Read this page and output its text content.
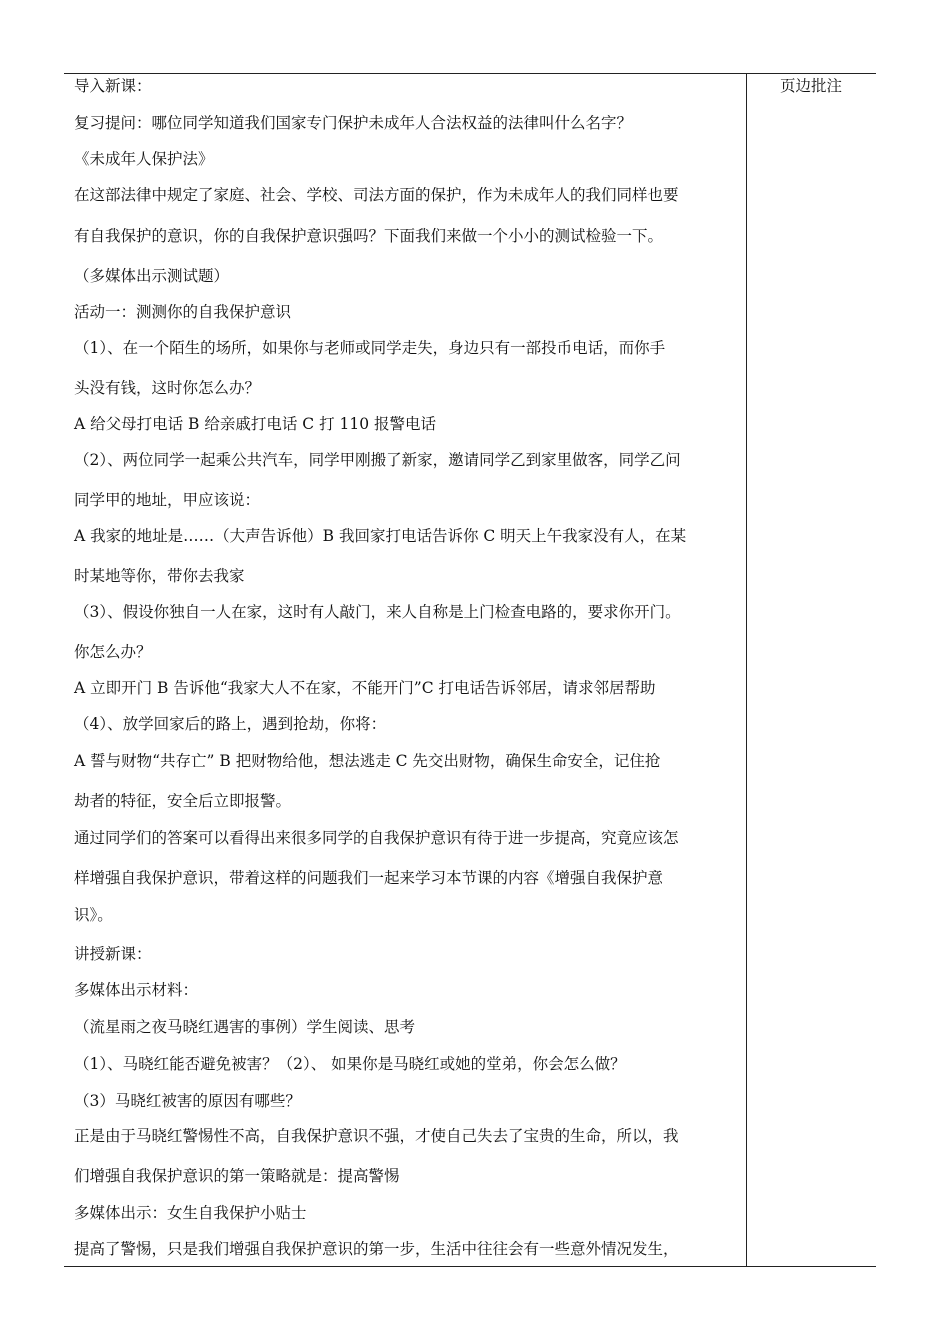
导入新课：
复习提问：哪位同学知道我们国家专门保护未成年人合法权益的法律叫什么名字？
《未成年人保护法》
在这部法律中规定了家庭、社会、学校、司法方面的保护，作为未成年人的我们同样也要
有自我保护的意识，你的自我保护意识强吗？下面我们来做一个小小的测试检验一下。
（多媒体出示测试题）
活动一：测测你的自我保护意识
（1）、在一个陌生的场所，如果你与老师或同学走失，身边只有一部投币电话，而你手
头没有钱，这时你怎么办？
A 给父母打电话 B 给亲戚打电话 C 打 110 报警电话
（2）、两位同学一起乘公共汽车，同学甲刚搬了新家，邀请同学乙到家里做客，同学乙问
同学甲的地址，甲应该说：
A 我家的地址是……（大声告诉他）B 我回家打电话告诉你 C 明天上午我家没有人，在某
时某地等你，带你去我家
（3）、假设你独自一人在家，这时有人敲门，来人自称是上门检查电路的，要求你开门。
你怎么办？
A 立即开门 B 告诉他“我家大人不在家，不能开门”C 打电话告诉邻居，请求邻居帮助
（4）、放学回家后的路上，遇到抢劫，你将：
A 誓与财物“共存亡” B 把财物给他，想法逃走 C 先交出财物，确保生命安全，记住抢
劫者的特征，安全后立即报警。
通过同学们的答案可以看得出来很多同学的自我保护意识有待于进一步提高，究竟应该怎
样增强自我保护意识，带着这样的问题我们一起来学习本节课的内容《增强自我保护意
识》。
讲授新课：
多媒体出示材料：
（流星雨之夜马晓红遇害的事例）学生阅读、思考
（1）、马晓红能否避免被害？（2）、 如果你是马晓红或她的堂弟，你会怎么做？
（3）马晓红被害的原因有哪些？
正是由于马晓红警惕性不高，自我保护意识不强，才使自己失去了宝贵的生命，所以，我
们增强自我保护意识的第一策略就是：提高警惕
多媒体出示：女生自我保护小贴士
提高了警惕，只是我们增强自我保护意识的第一步，生活中往往会有一些意外情况发生，
页边批注
